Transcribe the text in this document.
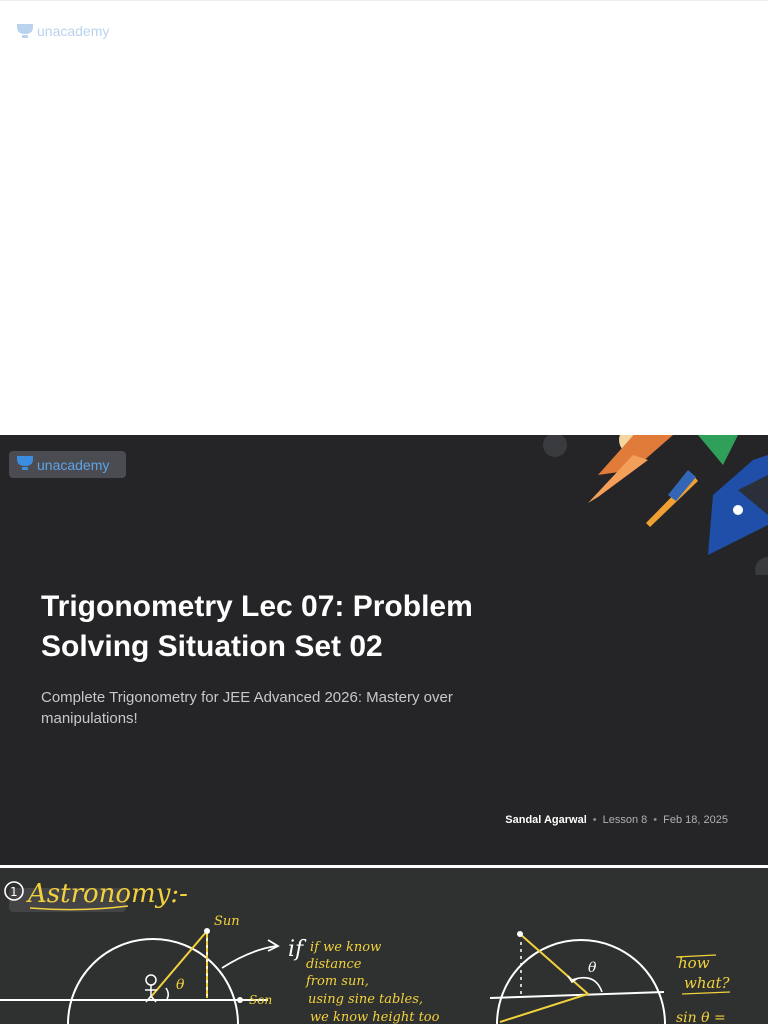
unacademy
unacademy
Trigonometry Lec 07: Problem Solving Situation Set 02
Complete Trigonometry for JEE Advanced 2026: Mastery over manipulations!
Sandal Agarwal • Lesson 8 • Feb 18, 2025
1 Astronomy:-
θ
Sun
Son
if if we know
distance
from sun,
using sine tables,
we know height too
θ	how
what?
sin θ =
